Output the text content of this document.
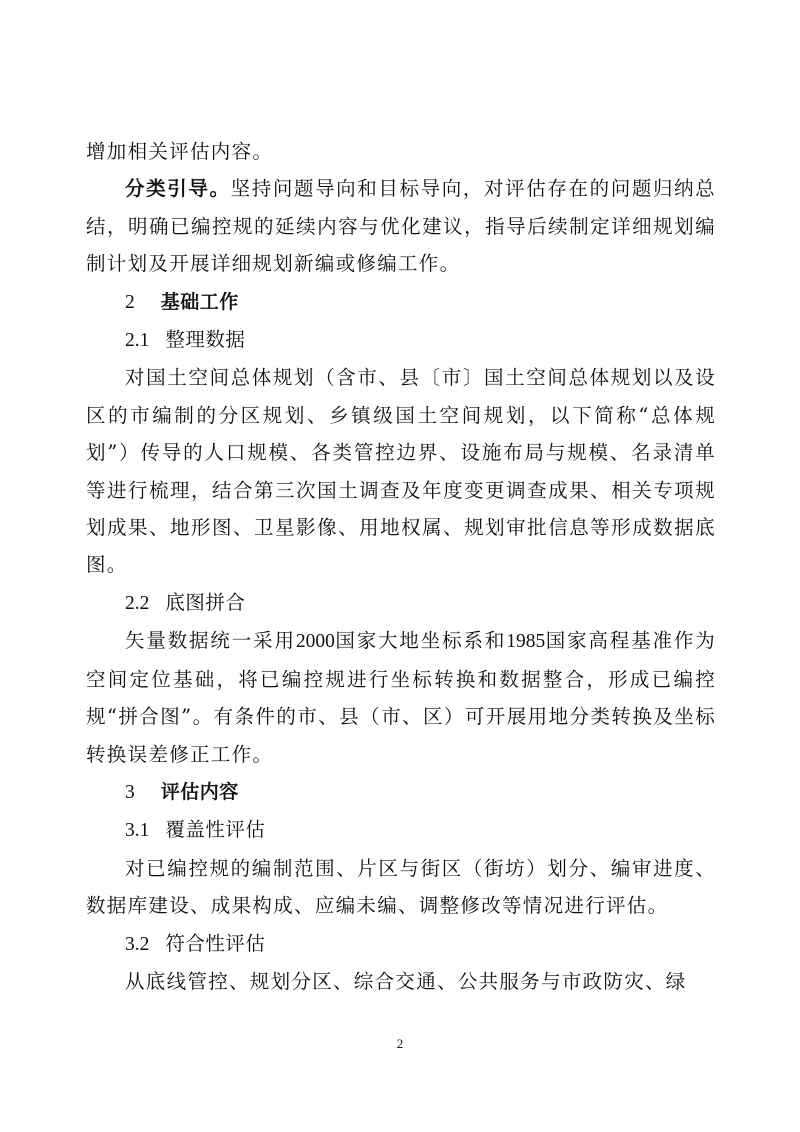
增加相关评估内容。

分类引导。坚持问题导向和目标导向，对评估存在的问题归纳总结，明确已编控规的延续内容与优化建议，指导后续制定详细规划编制计划及开展详细规划新编或修编工作。

2 基础工作

2.1 整理数据

对国土空间总体规划（含市、县〔市〕国土空间总体规划以及设区的市编制的分区规划、乡镇级国土空间规划，以下简称“总体规划”）传导的人口规模、各类管控边界、设施布局与规模、名录清单等进行梳理，结合第三次国土调查及年度变更调查成果、相关专项规划成果、地形图、卫星影像、用地权属、规划审批信息等形成数据底图。

2.2 底图拼合

矢量数据统一采用2000国家大地坐标系和1985国家高程基准作为空间定位基础，将已编控规进行坐标转换和数据整合，形成已编控规“拼合图”。有条件的市、县（市、区）可开展用地分类转换及坐标转换误差修正工作。

3 评估内容

3.1 覆盖性评估

对已编控规的编制范围、片区与街区（街坊）划分、编审进度、数据库建设、成果构成、应编未编、调整修改等情况进行评估。

3.2 符合性评估

从底线管控、规划分区、综合交通、公共服务与市政防灾、绿

2
